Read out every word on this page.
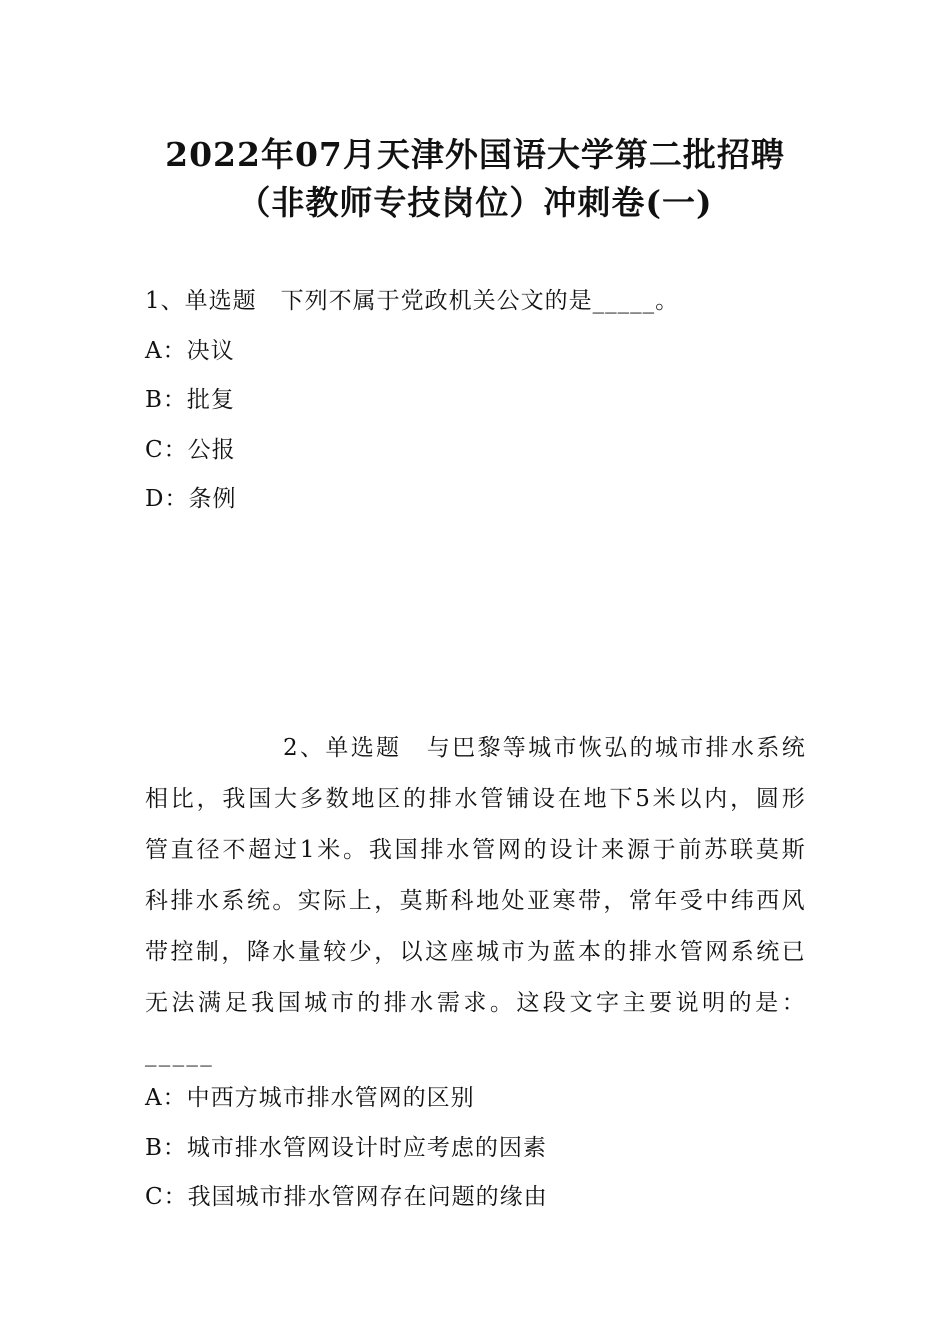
2022年07月天津外国语大学第二批招聘
（非教师专技岗位）冲刺卷(一)
1、单选题　下列不属于党政机关公文的是_____。
A：决议
B：批复
C：公报
D：条例

2、单选题　与巴黎等城市恢弘的城市排水系统相比，我国大多数地区的排水管铺设在地下5米以内，圆形管直径不超过1米。我国排水管网的设计来源于前苏联莫斯科排水系统。实际上，莫斯科地处亚寒带，常年受中纬西风带控制，降水量较少，以这座城市为蓝本的排水管网系统已无法满足我国城市的排水需求。这段文字主要说明的是：_____

A：中西方城市排水管网的区别
B：城市排水管网设计时应考虑的因素
C：我国城市排水管网存在问题的缘由
